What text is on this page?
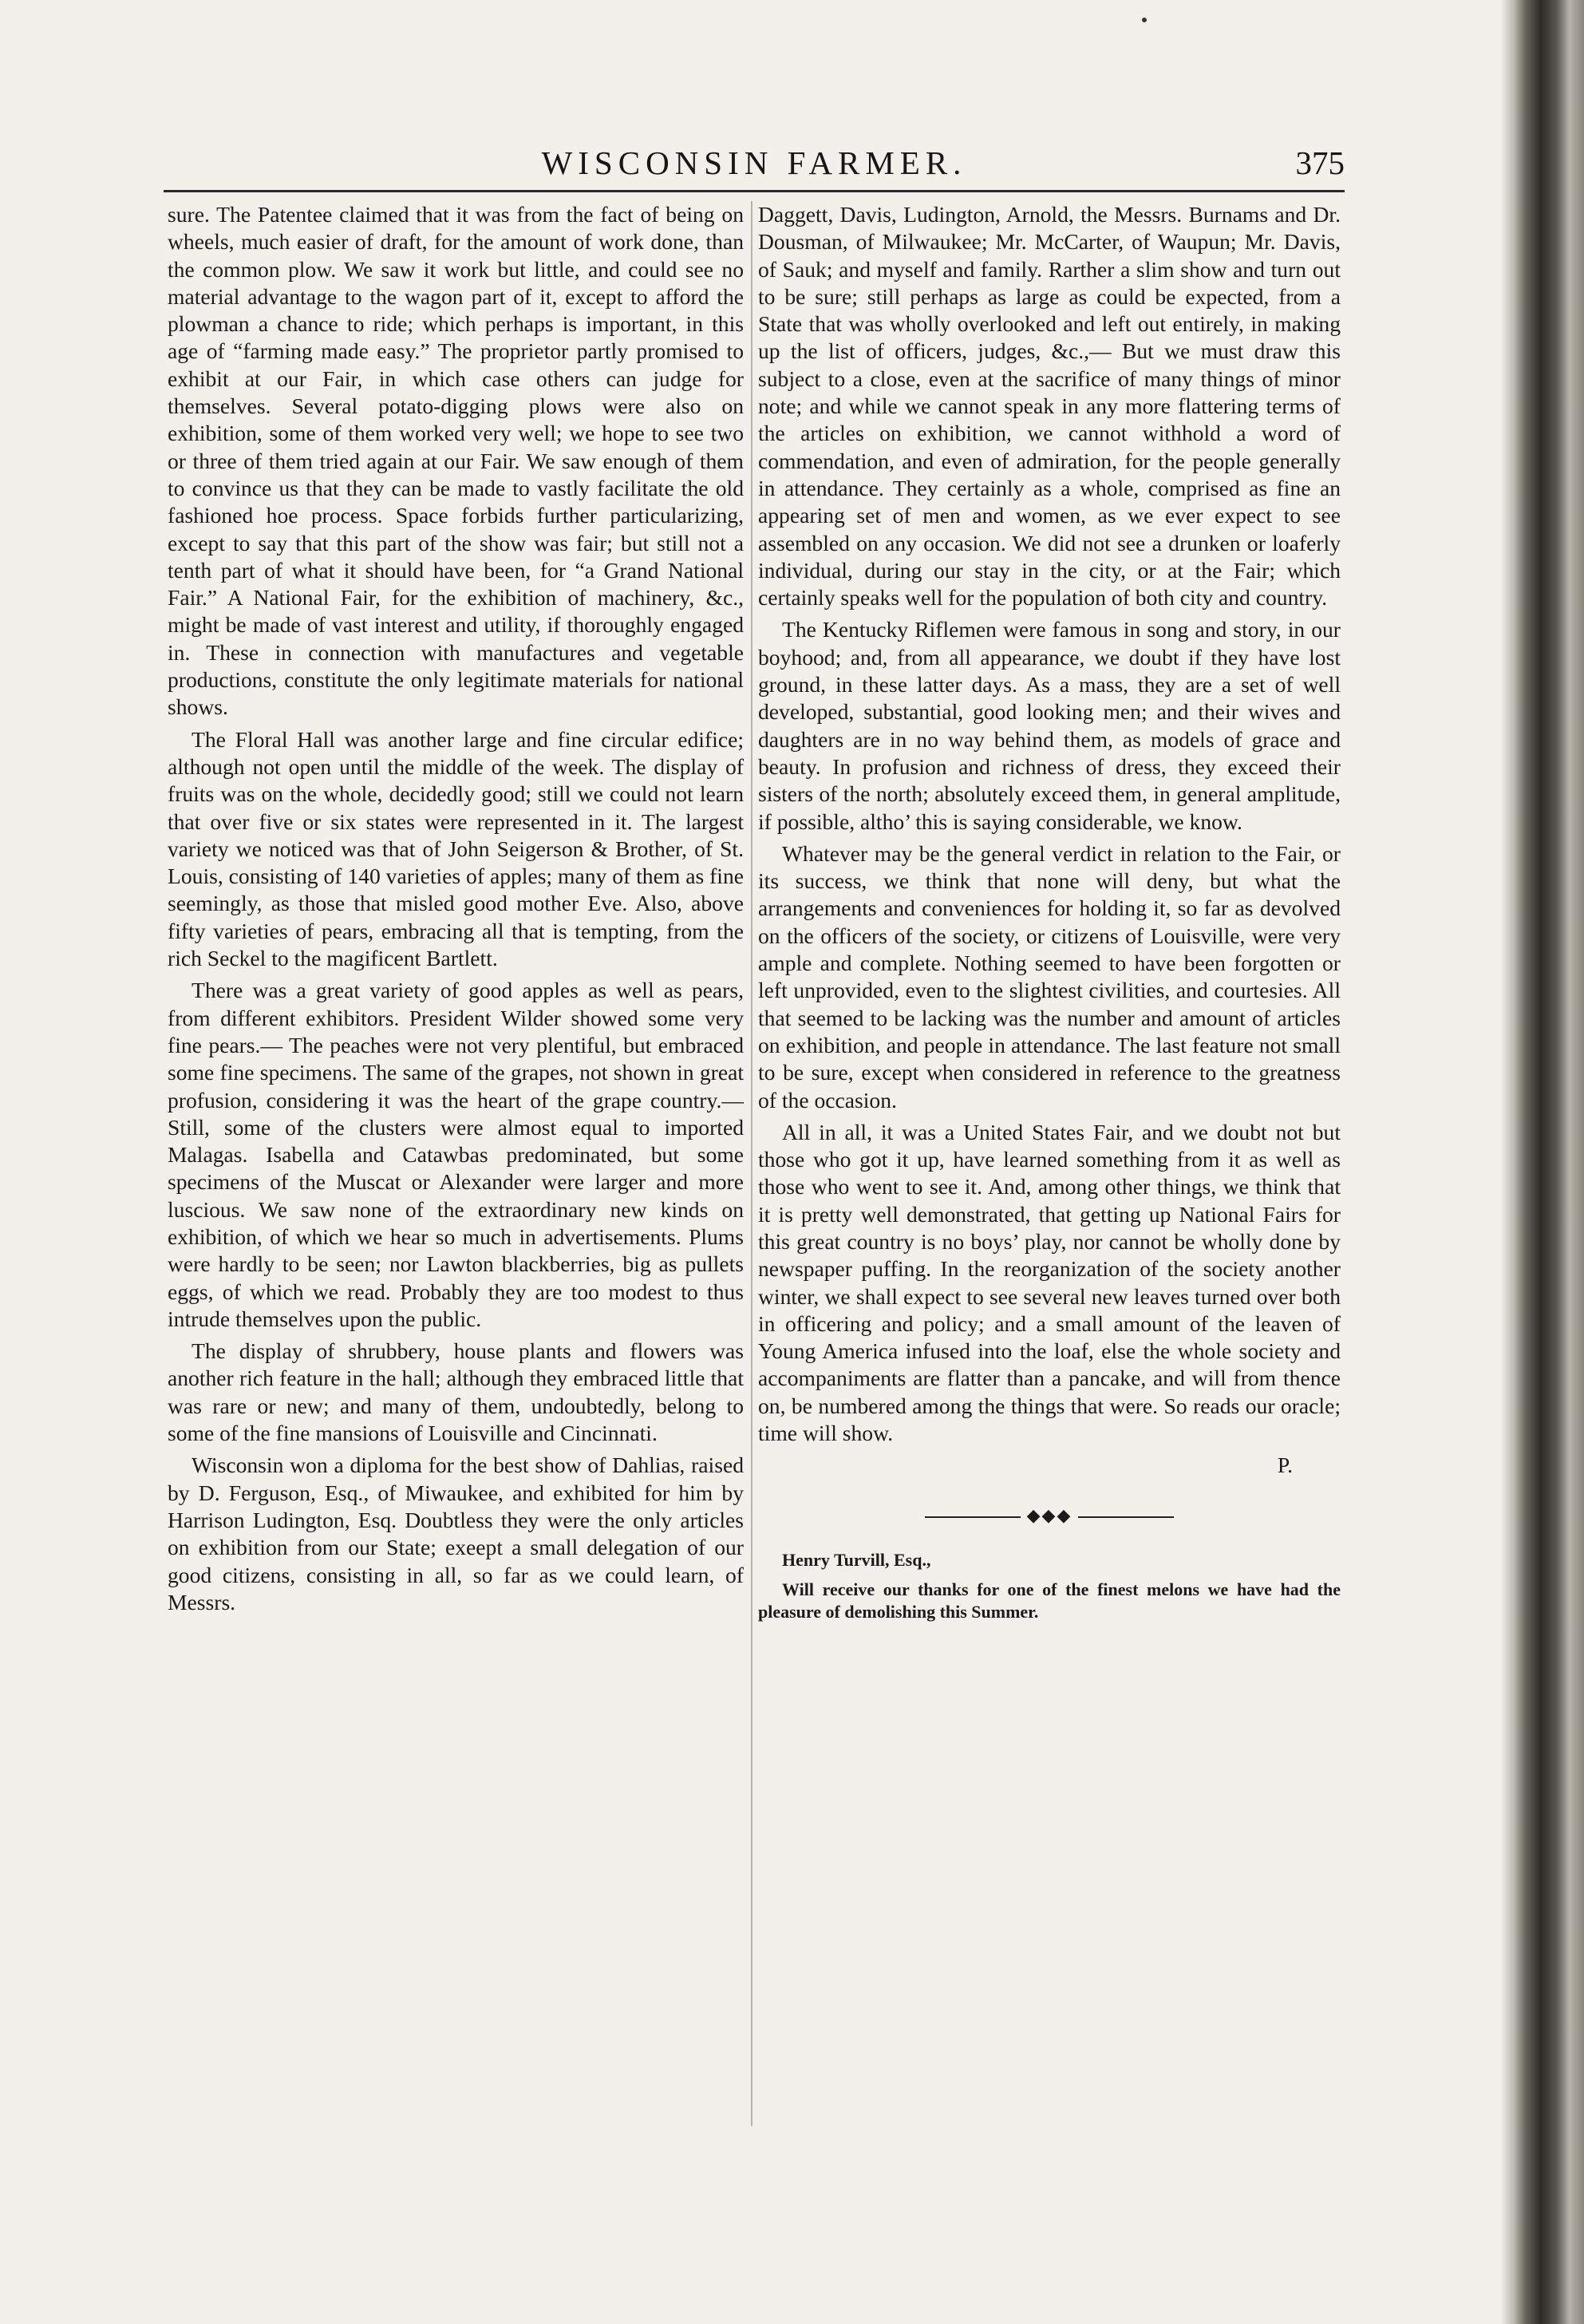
WISCONSIN FARMER.	375

sure. The Patentee claimed that it was from the fact of being on wheels, much easier of draft, for the amount of work done, than the common plow. We saw it work but little, and could see no material advantage to the wagon part of it, except to afford the plowman a chance to ride; which perhaps is important, in this age of “farming made easy.” The proprietor partly promised to exhibit at our Fair, in which case others can judge for themselves. Several potato-digging plows were also on exhibition, some of them worked very well; we hope to see two or three of them tried again at our Fair. We saw enough of them to convince us that they can be made to vastly facilitate the old fashioned hoe process. Space forbids further particularizing, except to say that this part of the show was fair; but still not a tenth part of what it should have been, for “a Grand National Fair.” A National Fair, for the exhibition of machinery, &c., might be made of vast interest and utility, if thoroughly engaged in. These in connection with manufactures and vegetable productions, constitute the only legitimate materials for national shows.

The Floral Hall was another large and fine circular edifice; although not open until the middle of the week. The display of fruits was on the whole, decidedly good; still we could not learn that over five or six states were represented in it. The largest variety we noticed was that of John Seigerson & Brother, of St. Louis, consisting of 140 varieties of apples; many of them as fine seemingly, as those that misled good mother Eve. Also, above fifty varieties of pears, embracing all that is tempting, from the rich Seckel to the magificent Bartlett.

There was a great variety of good apples as well as pears, from different exhibitors. President Wilder showed some very fine pears.— The peaches were not very plentiful, but embraced some fine specimens. The same of the grapes, not shown in great profusion, considering it was the heart of the grape country.— Still, some of the clusters were almost equal to imported Malagas. Isabella and Catawbas predominated, but some specimens of the Muscat or Alexander were larger and more luscious. We saw none of the extraordinary new kinds on exhibition, of which we hear so much in advertisements. Plums were hardly to be seen; nor Lawton blackberries, big as pullets eggs, of which we read. Probably they are too modest to thus intrude themselves upon the public.

The display of shrubbery, house plants and flowers was another rich feature in the hall; although they embraced little that was rare or new; and many of them, undoubtedly, belong to some of the fine mansions of Louisville and Cincinnati.

Wisconsin won a diploma for the best show of Dahlias, raised by D. Ferguson, Esq., of Miwaukee, and exhibited for him by Harrison Ludington, Esq. Doubtless they were the only articles on exhibition from our State; exeept a small delegation of our good citizens, consisting in all, so far as we could learn, of Messrs.

Daggett, Davis, Ludington, Arnold, the Messrs. Burnams and Dr. Dousman, of Milwaukee; Mr. McCarter, of Waupun; Mr. Davis, of Sauk; and myself and family. Rarther a slim show and turn out to be sure; still perhaps as large as could be expected, from a State that was wholly overlooked and left out entirely, in making up the list of officers, judges, &c.,— But we must draw this subject to a close, even at the sacrifice of many things of minor note; and while we cannot speak in any more flattering terms of the articles on exhibition, we cannot withhold a word of commendation, and even of admiration, for the people generally in attendance. They certainly as a whole, comprised as fine an appearing set of men and women, as we ever expect to see assembled on any occasion. We did not see a drunken or loaferly individual, during our stay in the city, or at the Fair; which certainly speaks well for the population of both city and country.

The Kentucky Riflemen were famous in song and story, in our boyhood; and, from all appearance, we doubt if they have lost ground, in these latter days. As a mass, they are a set of well developed, substantial, good looking men; and their wives and daughters are in no way behind them, as models of grace and beauty. In profusion and richness of dress, they exceed their sisters of the north; absolutely exceed them, in general amplitude, if possible, altho’ this is saying considerable, we know.

Whatever may be the general verdict in relation to the Fair, or its success, we think that none will deny, but what the arrangements and conveniences for holding it, so far as devolved on the officers of the society, or citizens of Louisville, were very ample and complete. Nothing seemed to have been forgotten or left unprovided, even to the slightest civilities, and courtesies. All that seemed to be lacking was the number and amount of articles on exhibition, and people in attendance. The last feature not small to be sure, except when considered in reference to the greatness of the occasion.

All in all, it was a United States Fair, and we doubt not but those who got it up, have learned something from it as well as those who went to see it. And, among other things, we think that it is pretty well demonstrated, that getting up National Fairs for this great country is no boys’ play, nor cannot be wholly done by newspaper puffing. In the reorganization of the society another winter, we shall expect to see several new leaves turned over both in officering and policy; and a small amount of the leaven of Young America infused into the loaf, else the whole society and accompaniments are flatter than a pancake, and will from thence on, be numbered among the things that were. So reads our oracle; time will show.

P.

◆◆◆

Henry Turvill, Esq.,

Will receive our thanks for one of the finest melons we have had the pleasure of demolishing this Summer.
